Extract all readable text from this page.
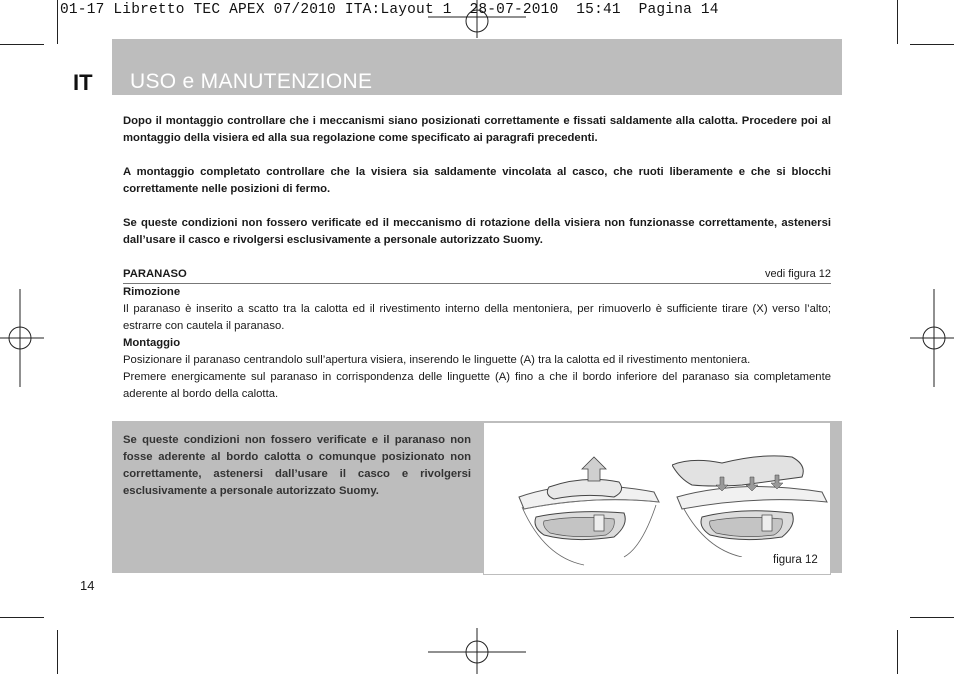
01-17 Libretto TEC APEX 07/2010 ITA:Layout 1  28-07-2010  15:41  Pagina 14
IT USO e MANUTENZIONE

Dopo il montaggio controllare che i meccanismi siano posizionati correttamente e fissati saldamente alla calotta. Procedere poi al montaggio della visiera ed alla sua regolazione come specificato ai paragrafi precedenti.

A montaggio completato controllare che la visiera sia saldamente vincolata al casco, che ruoti liberamente e che si blocchi correttamente nelle posizioni di fermo.

Se queste condizioni non fossero verificate ed il meccanismo di rotazione della visiera non funzionasse correttamente, astenersi dall’usare il casco e rivolgersi esclusivamente a personale autorizzato Suomy.

PARANASO	vedi figura 12

Rimozione

Il paranaso è inserito a scatto tra la calotta ed il rivestimento interno della mentoniera, per rimuoverlo è sufficiente tirare (X) verso l’alto; estrarre con cautela il paranaso.

Montaggio

Posizionare il paranaso centrandolo sull’apertura visiera, inserendo le linguette (A) tra la calotta ed il rivestimento mentoniera.

Premere energicamente sul paranaso in corrispondenza delle linguette (A) fino a che il bordo inferiore del paranaso sia completamente aderente al bordo della calotta.

Se queste condizioni non fossero verificate e il paranaso non fosse aderente al bordo calotta o comunque posizionato non correttamente, astenersi dall’usare il casco e rivolgersi esclusivamente a personale autorizzato Suomy.
figura 12
14
